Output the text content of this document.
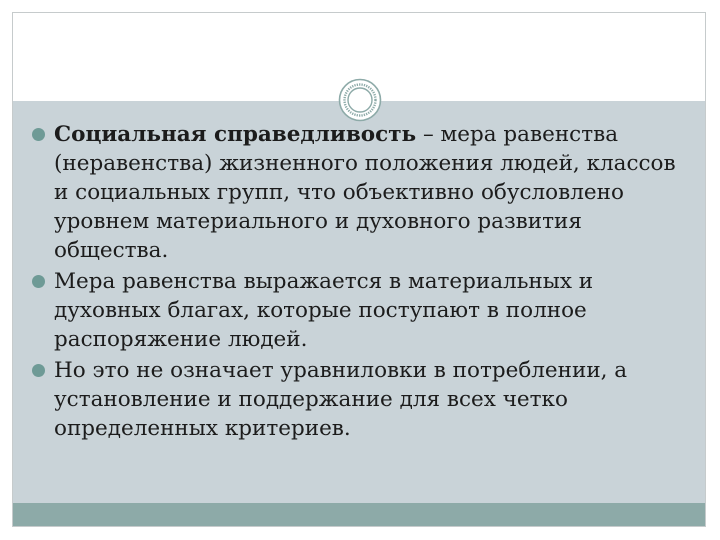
Социальная справедливость – мера равенства (неравенства) жизненного положения людей, классов и социальных групп, что объективно обусловлено уровнем материального и духовного развития общества.
Мера равенства выражается в материальных и духовных благах, которые поступают в полное распоряжение людей.
Но это не означает уравниловки в потреблении, а установление и поддержание для всех четко определенных критериев.
